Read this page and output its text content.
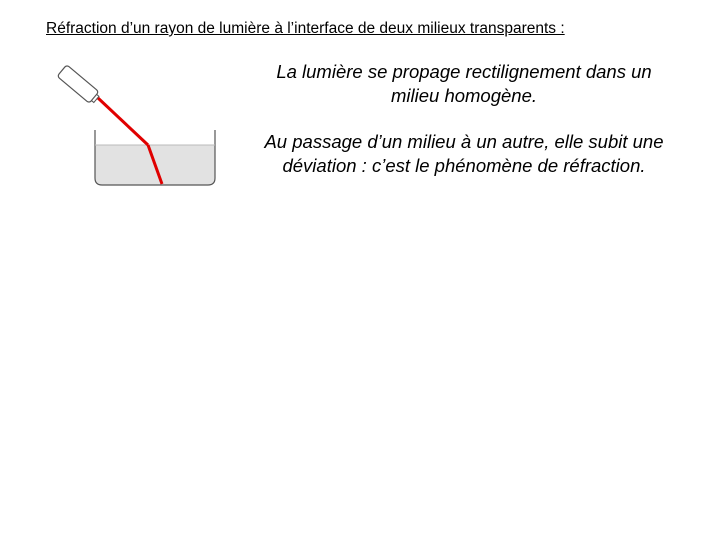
Réfraction d’un rayon de lumière à l’interface de deux milieux transparents :
La lumière se propage rectilignement dans un milieu homogène.
Au passage d’un milieu à un autre, elle subit une déviation : c’est le phénomène de réfraction.
